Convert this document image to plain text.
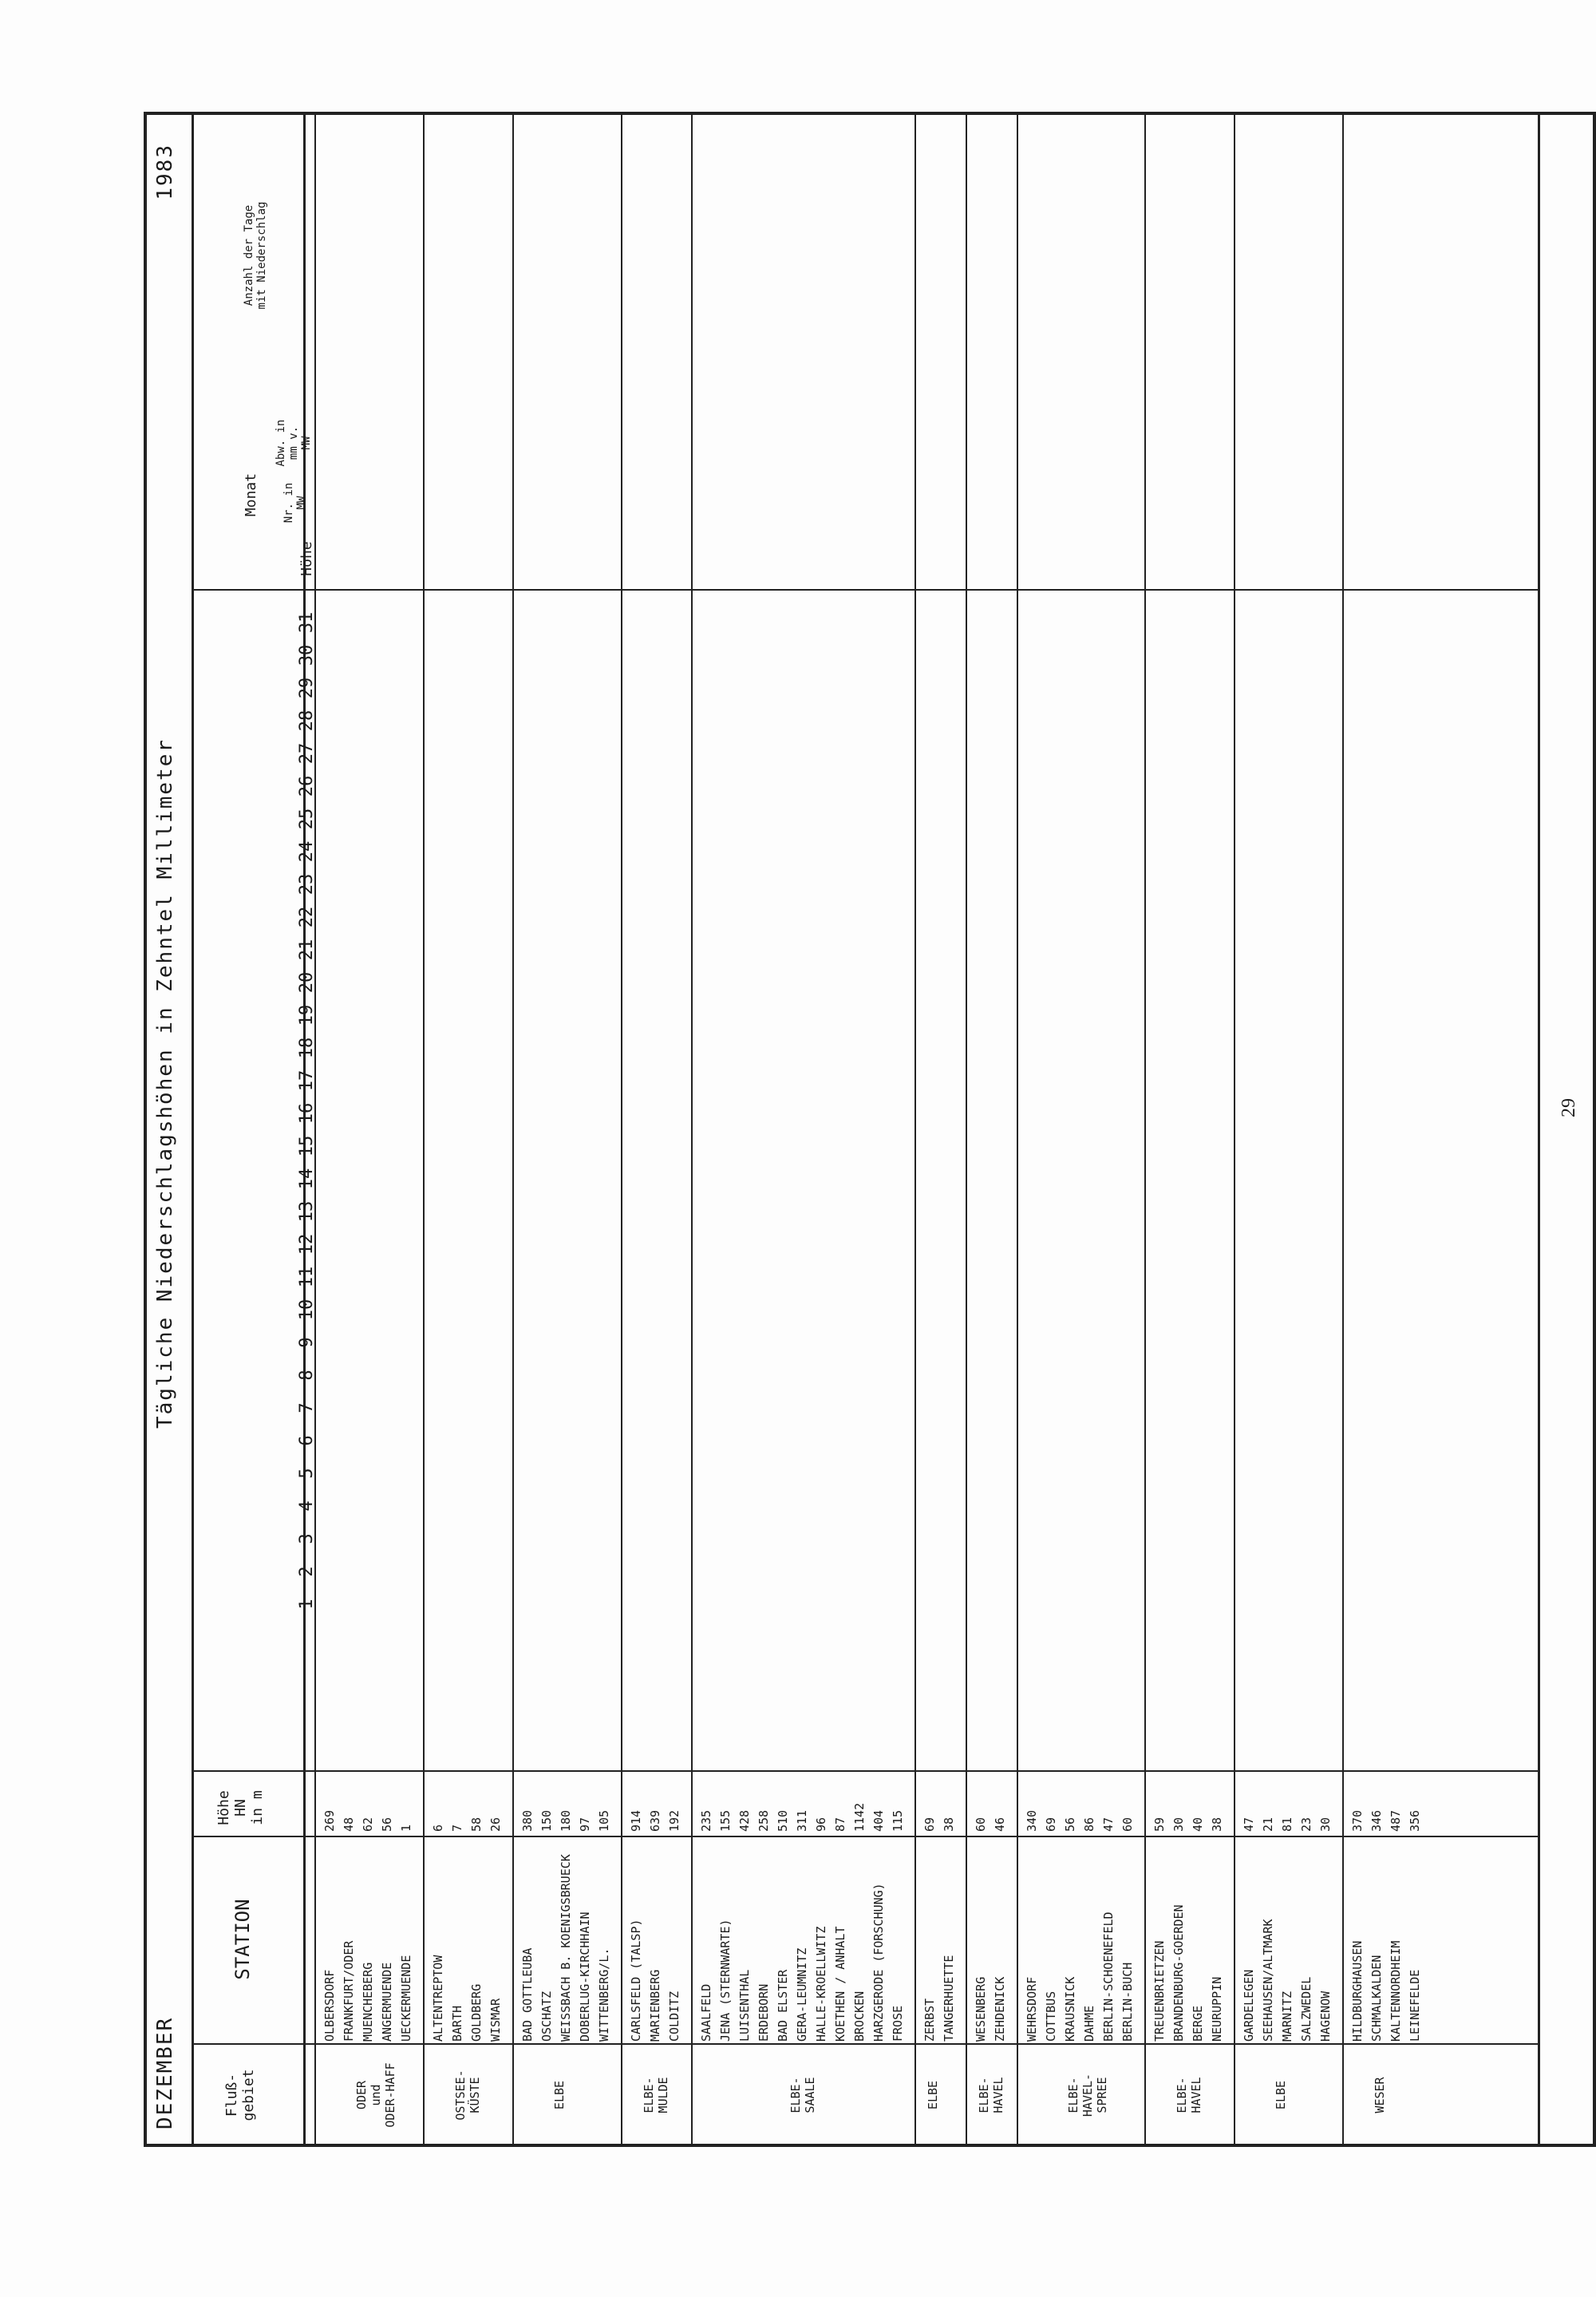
DEZEMBER
Tägliche Niederschlagshöhen in Zehntel Millimeter
1983
Fluß-
gebiet
STATION
Höhe
HN
in m
1
2
3
4
5
6
7
8
9
10
11
12
13
14
15
16
17
18
19
20
21
22
23
24
25
26
27
28
29
30
31
Monat
Höhe
Nr. in
MW
Abw. in
mm v.
MW
Anzahl der Tage
mit Niederschlag
ODER
und
ODER-HAFF
OLBERSDORF
269
FRANKFURT/ODER
48
MUENCHEBERG
62
ANGERMUENDE
56
UECKERMUENDE
1
OSTSEE-
KÜSTE
ALTENTREPTOW
6
BARTH
7
GOLDBERG
58
WISMAR
26
ELBE
BAD GOTTLEUBA
380
OSCHATZ
150
WEISSBACH B. KOENIGSBRUECK
180
DOBERLUG-KIRCHHAIN
97
WITTENBERG/L.
105
ELBE-
MULDE
CARLSFELD (TALSP)
914
MARIENBERG
639
COLDITZ
192
ELBE-
SAALE
SAALFELD
235
JENA (STERNWARTE)
155
LUISENTHAL
428
ERDEBORN
258
BAD ELSTER
510
GERA-LEUMNITZ
311
HALLE-KROELLWITZ
96
KOETHEN / ANHALT
87
BROCKEN
1142
HARZGERODE (FORSCHUNG)
404
FROSE
115
ELBE
ZERBST
69
TANGERHUETTE
38
ELBE-
HAVEL
WESENBERG
60
ZEHDENICK
46
ELBE-
HAVEL-
SPREE
WEHRSDORF
340
COTTBUS
69
KRAUSNICK
56
DAHME
86
BERLIN-SCHOENEFELD
47
BERLIN-BUCH
60
ELBE-
HAVEL
TREUENBRIETZEN
59
BRANDENBURG-GOERDEN
30
BERGE
40
NEURUPPIN
38
ELBE
GARDELEGEN
47
SEEHAUSEN/ALTMARK
21
MARNITZ
81
SALZWEDEL
23
HAGENOW
30
WESER
HILDBURGHAUSEN
370
SCHMALKALDEN
346
KALTENNORDHEIM
487
LEINEFELDE
356
29
